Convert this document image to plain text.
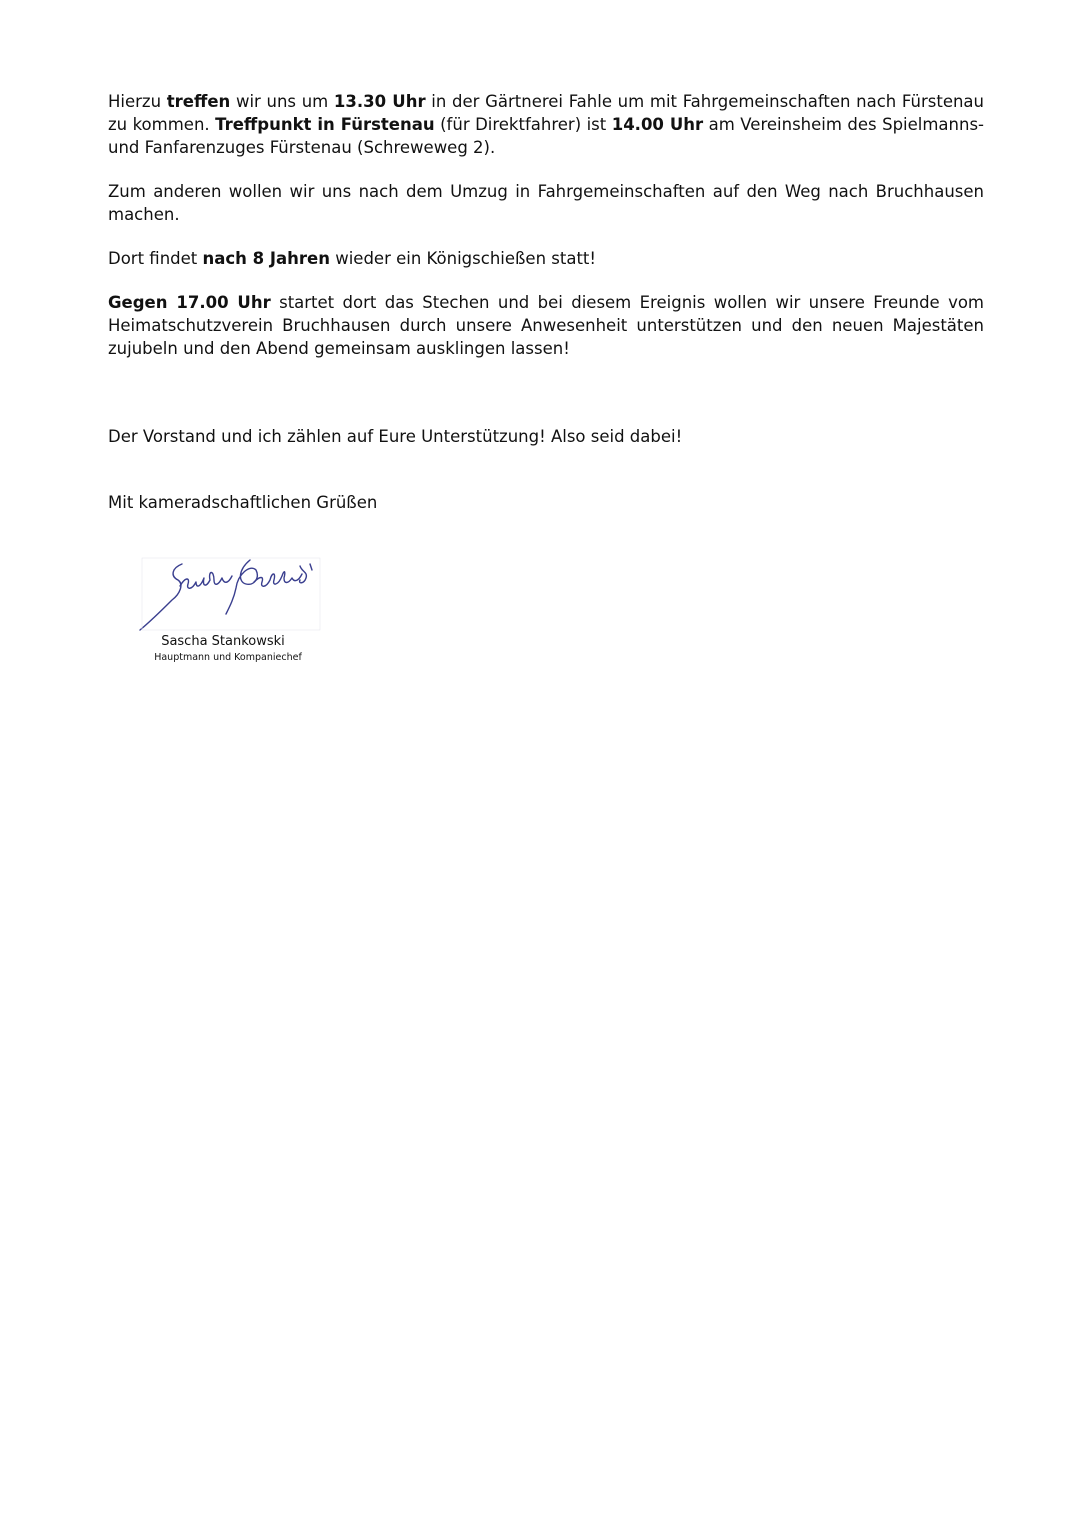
Hierzu treffen wir uns um 13.30 Uhr in der Gärtnerei Fahle um mit Fahrgemeinschaften nach Fürstenau zu kommen. Treffpunkt in Fürstenau (für Direktfahrer) ist 14.00 Uhr am Vereinsheim des Spielmanns- und Fanfarenzuges Fürstenau (Schreweweg 2).

Zum anderen wollen wir uns nach dem Umzug in Fahrgemeinschaften auf den Weg nach Bruchhausen machen.

Dort findet nach 8 Jahren wieder ein Königschießen statt!

Gegen 17.00 Uhr startet dort das Stechen und bei diesem Ereignis wollen wir unsere Freunde vom Heimatschutzverein Bruchhausen durch unsere Anwesenheit unterstützen und den neuen Majestäten zujubeln und den Abend gemeinsam ausklingen lassen!

Der Vorstand und ich zählen auf Eure Unterstützung! Also seid dabei!

Mit kameradschaftlichen Grüßen

Sascha Stankowski
Hauptmann und Kompaniechef
